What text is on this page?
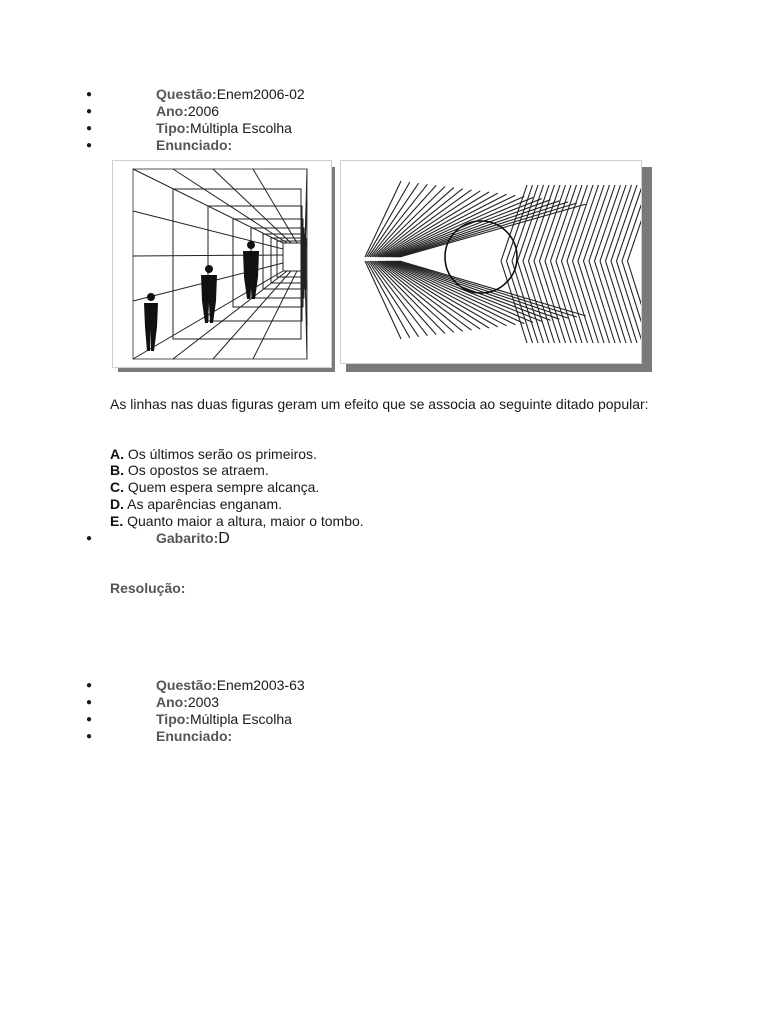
●	Questão:Enem2006-02
●	Ano:2006
●	Tipo:Múltipla Escolha
●	Enunciado:
As linhas nas duas figuras geram um efeito que se associa ao seguinte ditado popular:
A. Os últimos serão os primeiros.
B. Os opostos se atraem.
C. Quem espera sempre alcança.
D. As aparências enganam.
E. Quanto maior a altura, maior o tombo.
●	Gabarito:D
Resolução:
●	Questão:Enem2003-63
●	Ano:2003
●	Tipo:Múltipla Escolha
●	Enunciado:
